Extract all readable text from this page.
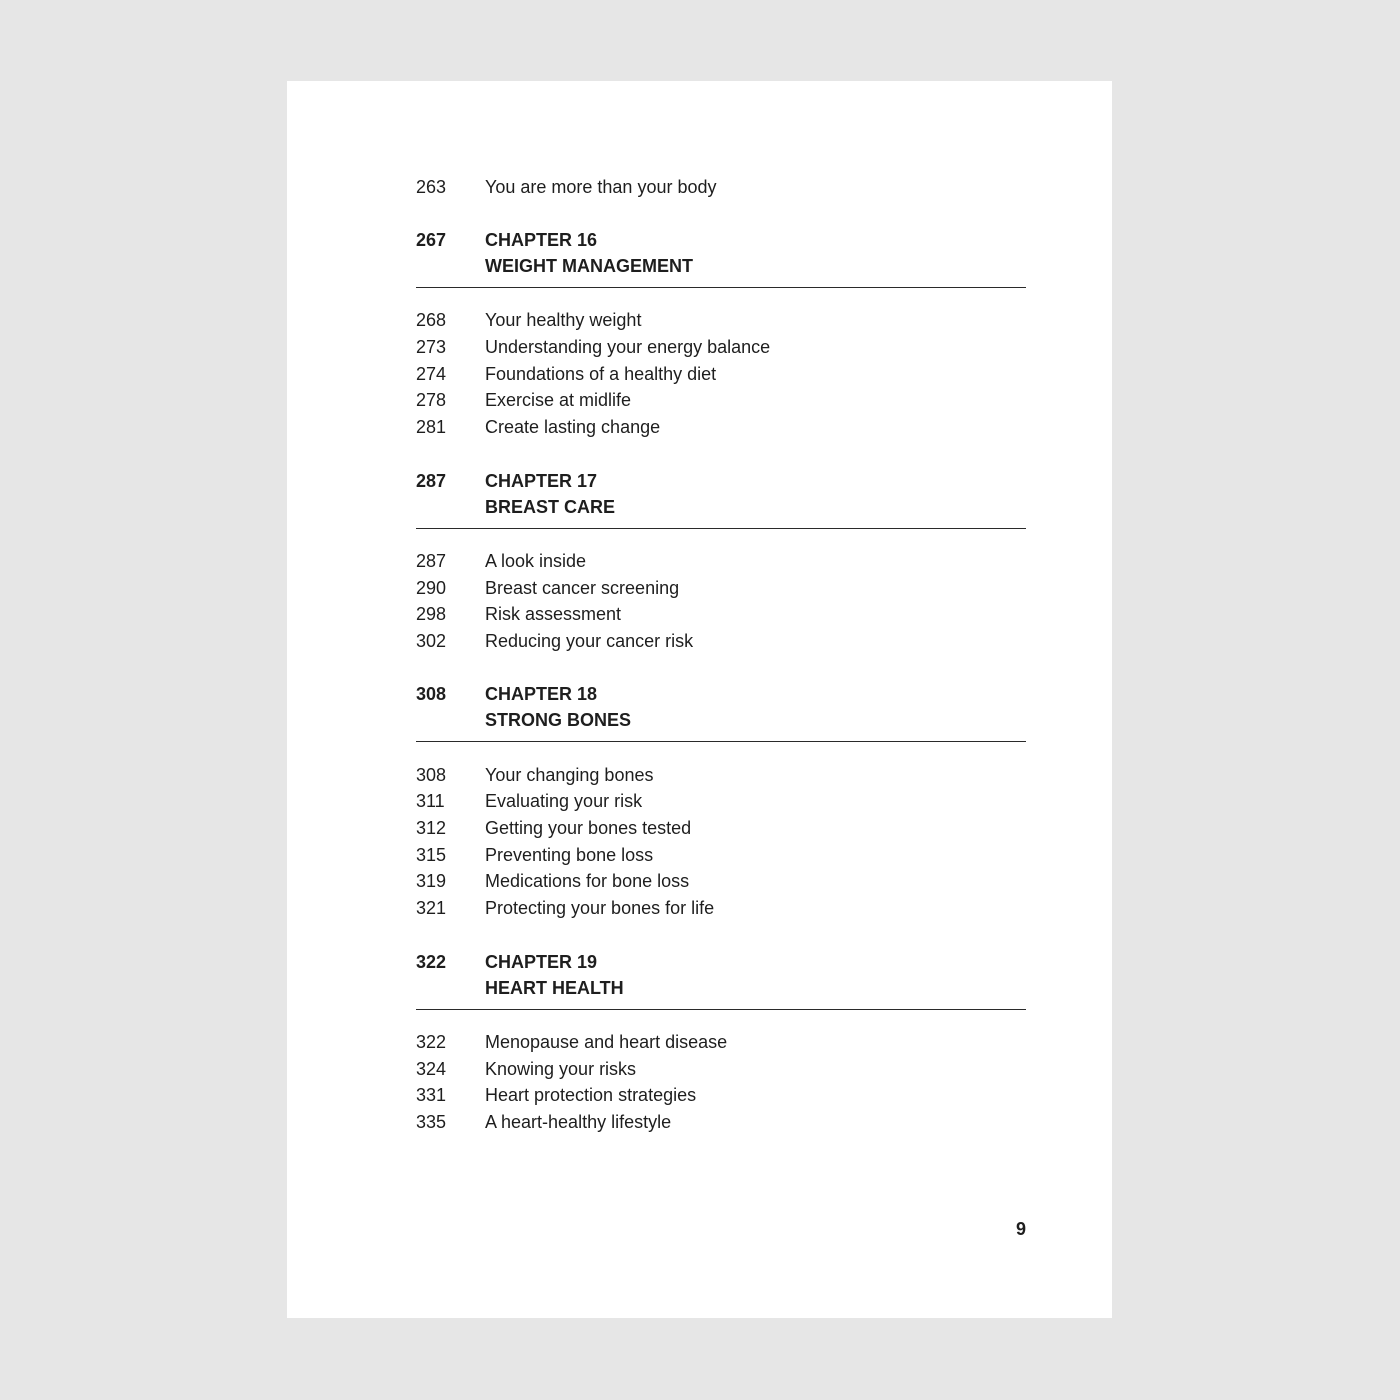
263 You are more than your body
267 CHAPTER 16
WEIGHT MANAGEMENT
268 Your healthy weight
273 Understanding your energy balance
274 Foundations of a healthy diet
278 Exercise at midlife
281 Create lasting change
287 CHAPTER 17
BREAST CARE
287 A look inside
290 Breast cancer screening
298 Risk assessment
302 Reducing your cancer risk
308 CHAPTER 18
STRONG BONES
308 Your changing bones
311 Evaluating your risk
312 Getting your bones tested
315 Preventing bone loss
319 Medications for bone loss
321 Protecting your bones for life
322 CHAPTER 19
HEART HEALTH
322 Menopause and heart disease
324 Knowing your risks
331 Heart protection strategies
335 A heart-healthy lifestyle
9
